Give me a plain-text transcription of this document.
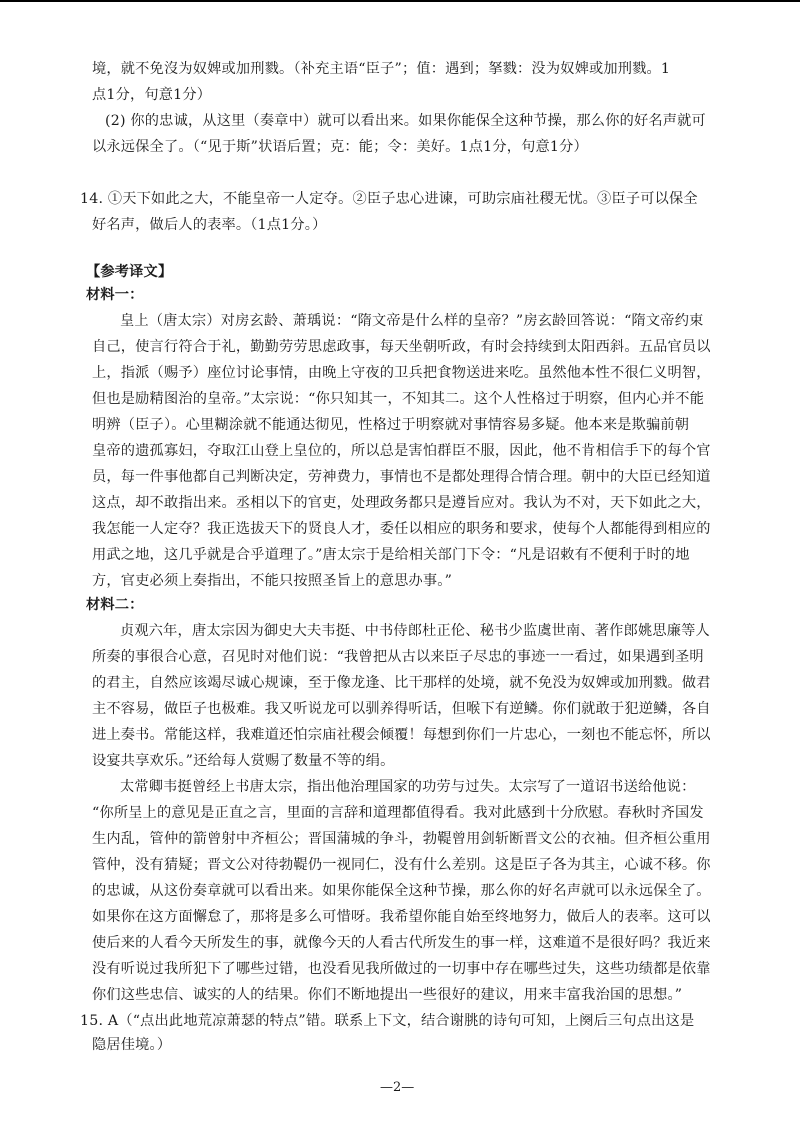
境，就不免沒为奴婢或加刑戮。（补充主语“臣子”；值：遇到；拏戮：没为奴婢或加刑戮。1
点1分，句意1分）
(2) 你的忠诚，从这里（奏章中）就可以看出来。如果你能保全这种节操，那么你的好名声就可
以永远保全了。（“见于斯”状语后置；克：能；令：美好。1点1分，句意1分）
14. ①天下如此之大，不能皇帝一人定夺。②臣子忠心进谏，可助宗庙社稷无忧。③臣子可以保全
好名声，做后人的表率。（1点1分。）
【参考译文】
材料一：
皇上（唐太宗）对房玄龄、萧瑀说：“隋文帝是什么样的皇帝？”房玄龄回答说：“隋文帝约束
自己，使言行符合于礼，勤勤劳劳思虑政事，每天坐朝听政，有时会持续到太阳西斜。五品官员以
上，指派（赐予）座位讨论事情，由晚上守夜的卫兵把食物送进来吃。虽然他本性不很仁义明智，
但也是励精图治的皇帝。”太宗说：“你只知其一，不知其二。这个人性格过于明察，但内心并不能
明辨（臣子）。心里糊涂就不能通达彻见，性格过于明察就对事情容易多疑。他本来是欺骗前朝
皇帝的遗孤寡妇，夺取江山登上皇位的，所以总是害怕群臣不服，因此，他不肯相信手下的每个官
员，每一件事他都自己判断决定，劳神费力，事情也不是都处理得合情合理。朝中的大臣已经知道
这点，却不敢指出来。丞相以下的官吏，处理政务都只是遵旨应对。我认为不对，天下如此之大，
我怎能一人定夺？我正选拔天下的贤良人才，委任以相应的职务和要求，使每个人都能得到相应的
用武之地，这几乎就是合乎道理了。”唐太宗于是给相关部门下令：“凡是诏敕有不便利于时的地
方，官吏必须上奏指出，不能只按照圣旨上的意思办事。”
材料二：
贞观六年，唐太宗因为御史大夫韦挺、中书侍郎杜正伦、秘书少监虞世南、著作郎姚思廉等人
所奏的事很合心意，召见时对他们说：“我曾把从古以来臣子尽忠的事迹一一看过，如果遇到圣明
的君主，自然应该竭尽诚心规谏，至于像龙逢、比干那样的处境，就不免没为奴婢或加刑戮。做君
主不容易，做臣子也极难。我又听说龙可以驯养得听话，但喉下有逆鳞。你们就敢于犯逆鳞，各自
进上奏书。常能这样，我难道还怕宗庙社稷会倾覆！每想到你们一片忠心，一刻也不能忘怀，所以
设宴共享欢乐。”还给每人赏赐了数量不等的绢。
太常卿韦挺曾经上书唐太宗，指出他治理国家的功劳与过失。太宗写了一道诏书送给他说：
“你所呈上的意见是正直之言，里面的言辞和道理都值得看。我对此感到十分欣慰。春秋时齐国发
生内乱，管仲的箭曾射中齐桓公；晋国蒲城的争斗，勃鞮曾用剑斩断晋文公的衣袖。但齐桓公重用
管仲，没有猜疑；晋文公对待勃鞮仍一视同仁，没有什么差别。这是臣子各为其主，心诚不移。你
的忠诚，从这份奏章就可以看出来。如果你能保全这种节操，那么你的好名声就可以永远保全了。
如果你在这方面懈怠了，那将是多么可惜呀。我希望你能自始至终地努力，做后人的表率。这可以
使后来的人看今天所发生的事，就像今天的人看古代所发生的事一样，这难道不是很好吗？我近来
没有听说过我所犯下了哪些过错，也没看见我所做过的一切事中存在哪些过失，这些功绩都是依靠
你们这些忠信、诚实的人的结果。你们不断地提出一些很好的建议，用来丰富我治国的思想。”
15. A（“点出此地荒凉萧瑟的特点”错。联系上下文，结合谢朓的诗句可知，上阕后三句点出这是
隐居佳境。）
—2—
